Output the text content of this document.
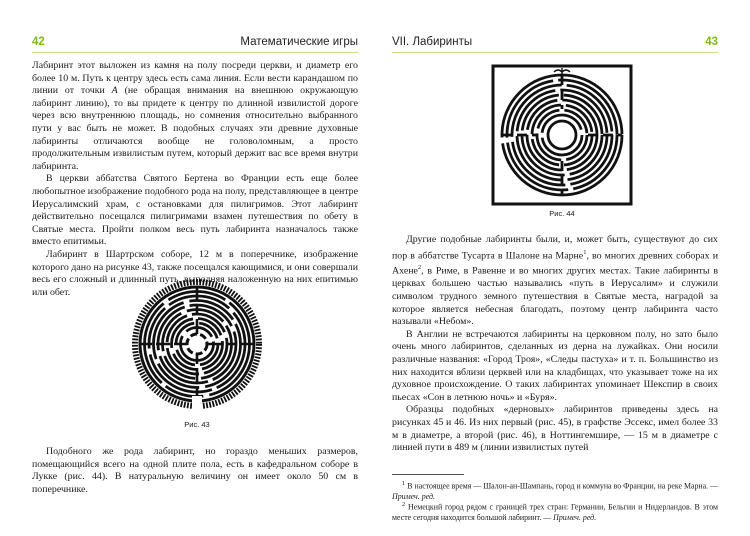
42	Математические игры

Лабиринт этот выложен из камня на полу посреди церкви, и диаметр его более 10 м. Путь к центру здесь есть сама линия. Если вести карандашом по линии от точки А (не обращая внимания на внешнюю окружающую лабиринт линию), то вы придете к центру по длинной извилистой дороге через всю внутреннюю площадь, но сомнения относительно выбранного пути у вас быть не может. В подобных случаях эти древние духовные лабиринты отличаются вообще не головоломным, а просто продолжительным извилистым путем, который держит вас все время внутри лабиринта.

В церкви аббатства Святого Бертена во Франции есть еще более любопытное изображение подобного рода на полу, представляющее в центре Иерусалимский храм, с остановками для пилигримов. Этот лабиринт действительно посещался пилигримами взамен путешествия по обету в Святые места. Пройти полком весь путь лабиринта назначалось также вместо епитимьи.

Лабиринт в Шартрском соборе, 12 м в поперечнике, изображение которого дано на рисунке 43, также посещался кающимися, и они совершали весь его сложный и длинный путь, выполняя наложенную на них епитимью или обет.

Рис. 43

Подобного же рода лабиринт, но гораздо меньших размеров, помещающийся всего на одной плите пола, есть в кафедральном соборе в Лукке (рис. 44). В натуральную величину он имеет около 50 см в поперечнике.

VII. Лабиринты	43
Рис. 44

Другие подобные лабиринты были, и, может быть, существуют до сих пор в аббатстве Тусарта в Шалоне на Марне$^1$, во многих древних соборах и Ахене$^2$, в Риме, в Равенне и во многих других местах. Такие лабиринты в церквах большею частью назывались «путь в Иерусалим» и служили символом трудного земного путешествия в Святые места, наградой за которое является небесная благодать, поэтому центр лабиринта часто называли «Небом».

В Англии не встречаются лабиринты на церковном полу, но зато было очень много лабиринтов, сделанных из дерна на лужайках. Они носили различные названия: «Город Троя», «Следы пастуха» и т. п. Большинство из них находится вблизи церквей или на кладбищах, что указывает тоже на их духовное происхождение. О таких лабиринтах упоминает Шекспир в своих пьесах «Сон в летнюю ночь» и «Буря».

Образцы подобных «дерновых» лабиринтов приведены здесь на рисунках 45 и 46. Из них первый (рис. 45), в графстве Эссекс, имел более 33 м в диаметре, а второй (рис. 46), в Ноттингемшире, — 15 м в диаметре с линией пути в 489 м (линии извилистых путей

$^1$ В настоящее время — Шалон-ан-Шампань, город и коммуна во Франции, на реке Марна. — Примеч. ред.

$^2$ Немецкий город рядом с границей трех стран: Германии, Бельгии и Нидерландов. В этом месте сегодня находится большой лабиринт. — Примеч. ред.
